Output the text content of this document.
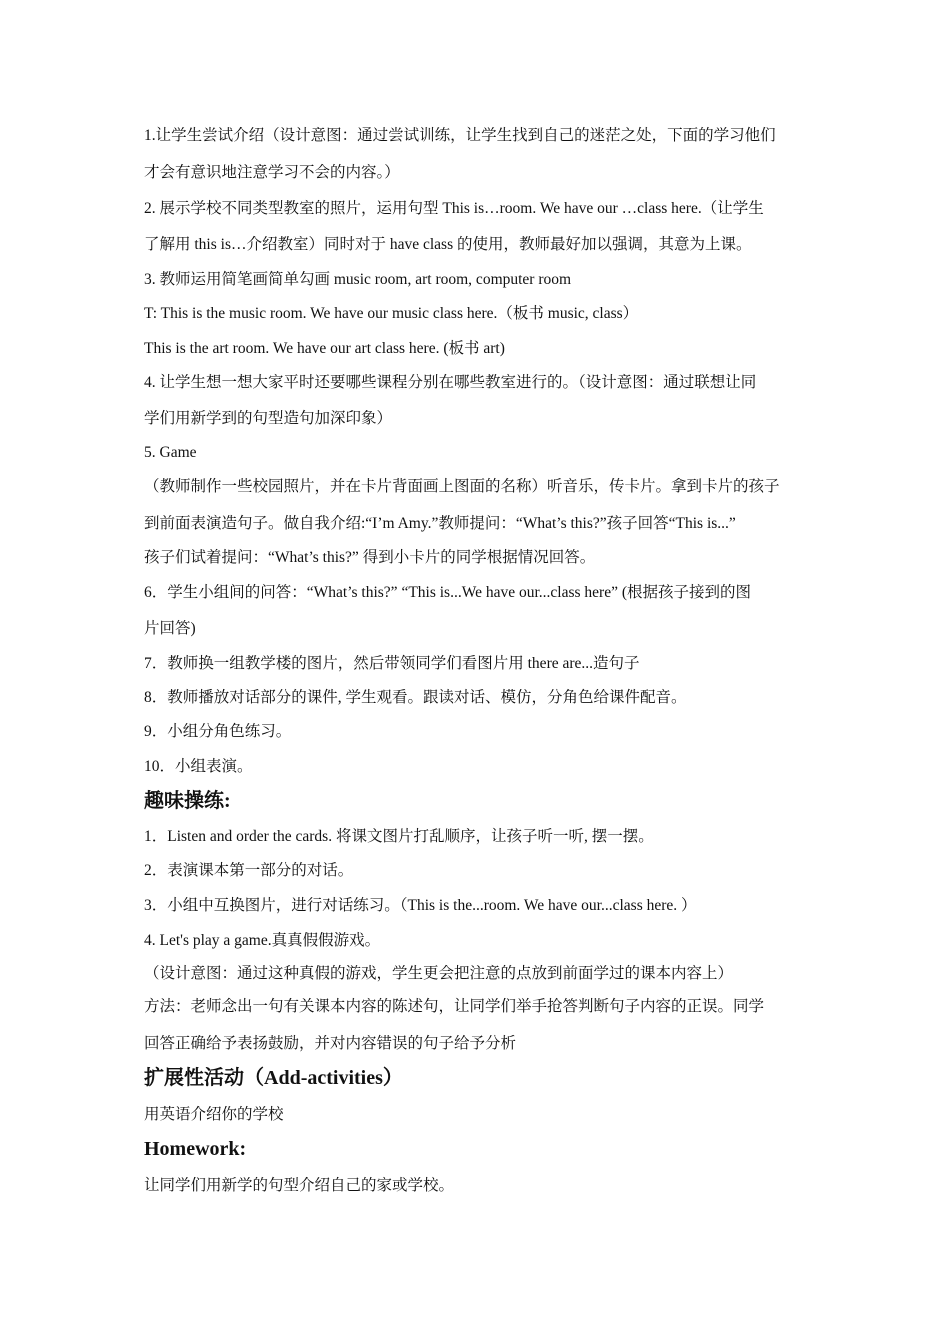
1.让学生尝试介绍（设计意图：通过尝试训练，让学生找到自己的迷茫之处，下面的学习他们
才会有意识地注意学习不会的内容。）
2. 展示学校不同类型教室的照片，运用句型 This is…room. We have our …class here.（让学生
了解用 this is…介绍教室）同时对于 have class 的使用，教师最好加以强调，其意为上课。
3. 教师运用简笔画简单勾画 music room, art room, computer room
T: This is the music room. We have our music class here.（板书 music, class）
This is the art room. We have our art class here. (板书 art)
4. 让学生想一想大家平时还要哪些课程分别在哪些教室进行的。（设计意图：通过联想让同
学们用新学到的句型造句加深印象）
5. Game
（教师制作一些校园照片，并在卡片背面画上图面的名称）听音乐，传卡片。拿到卡片的孩子
到前面表演造句子。做自我介绍:“I’m Amy.”教师提问：“What’s this?”孩子回答“This is...”
孩子们试着提问：“What’s this?” 得到小卡片的同学根据情况回答。
6．学生小组间的问答：“What’s this?” “This is...We have our...class here” (根据孩子接到的图
片回答)
7．教师换一组教学楼的图片，然后带领同学们看图片用 there are...造句子
8．教师播放对话部分的课件, 学生观看。跟读对话、模仿，分角色给课件配音。
9．小组分角色练习。
10．小组表演。
趣味操练:
1．Listen and order the cards. 将课文图片打乱顺序，让孩子听一听, 摆一摆。
2．表演课本第一部分的对话。
3．小组中互换图片，进行对话练习。（This is the...room. We have our...class here. ）
4. Let's play a game.真真假假游戏。
（设计意图：通过这种真假的游戏，学生更会把注意的点放到前面学过的课本内容上）
方法：老师念出一句有关课本内容的陈述句，让同学们举手抢答判断句子内容的正误。同学
回答正确给予表扬鼓励，并对内容错误的句子给予分析
扩展性活动（Add-activities）
用英语介绍你的学校
Homework:
让同学们用新学的句型介绍自己的家或学校。
